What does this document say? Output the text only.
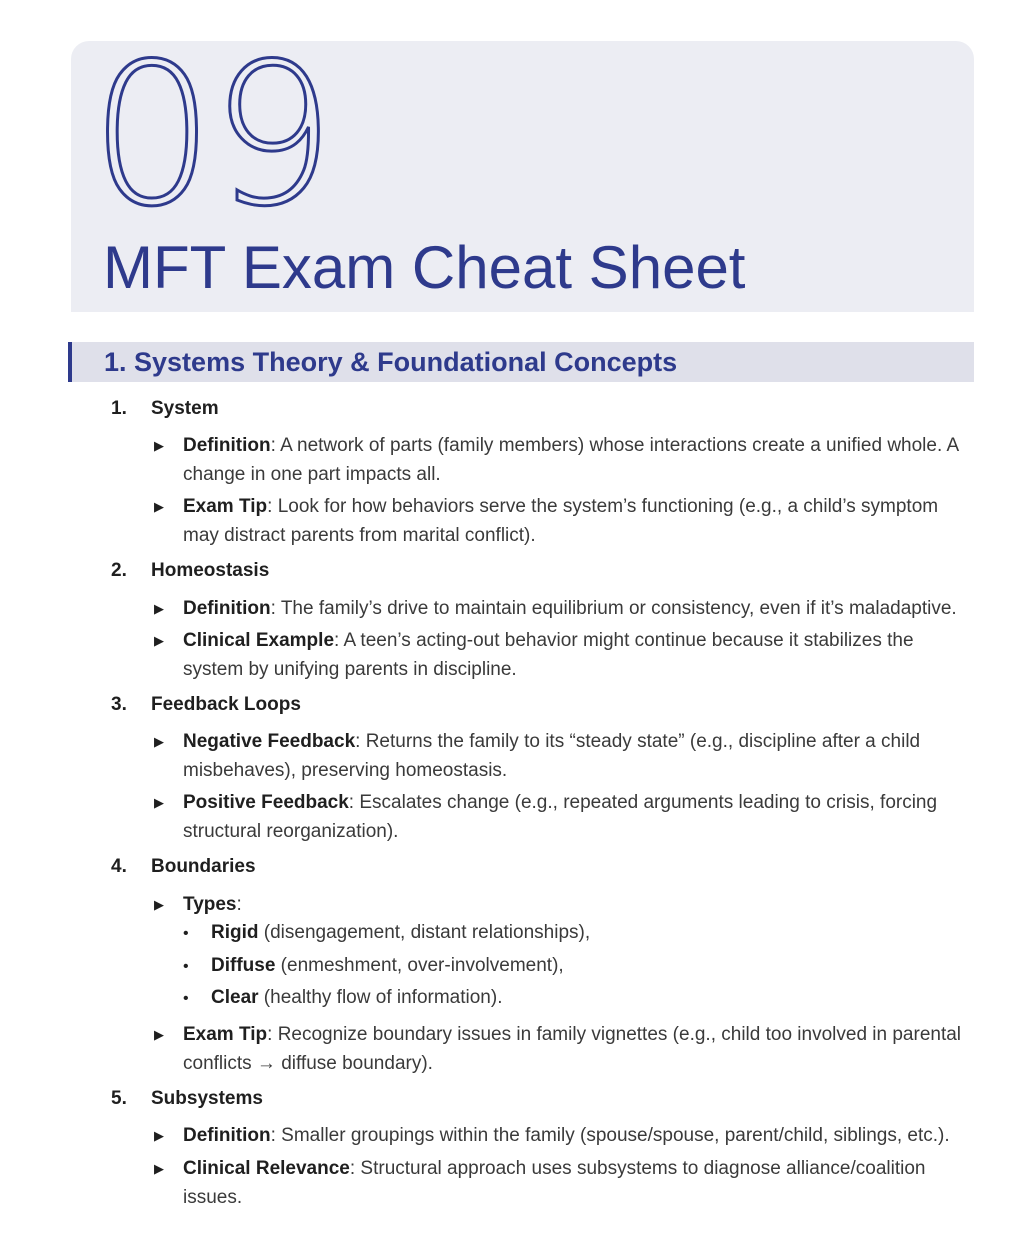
09
MFT Exam Cheat Sheet
1. Systems Theory & Foundational Concepts
1. System
▶ Definition: A network of parts (family members) whose interactions create a unified whole. A change in one part impacts all.
▶ Exam Tip: Look for how behaviors serve the system’s functioning (e.g., a child’s symptom may distract parents from marital conflict).
2. Homeostasis
▶ Definition: The family’s drive to maintain equilibrium or consistency, even if it’s maladaptive.
▶ Clinical Example: A teen’s acting-out behavior might continue because it stabilizes the system by unifying parents in discipline.
3. Feedback Loops
▶ Negative Feedback: Returns the family to its “steady state” (e.g., discipline after a child misbehaves), preserving homeostasis.
▶ Positive Feedback: Escalates change (e.g., repeated arguments leading to crisis, forcing structural reorganization).
4. Boundaries
▶ Types:
• Rigid (disengagement, distant relationships),
• Diffuse (enmeshment, over-involvement),
• Clear (healthy flow of information).
▶ Exam Tip: Recognize boundary issues in family vignettes (e.g., child too involved in parental conflicts → diffuse boundary).
5. Subsystems
▶ Definition: Smaller groupings within the family (spouse/spouse, parent/child, siblings, etc.).
▶ Clinical Relevance: Structural approach uses subsystems to diagnose alliance/coalition issues.
